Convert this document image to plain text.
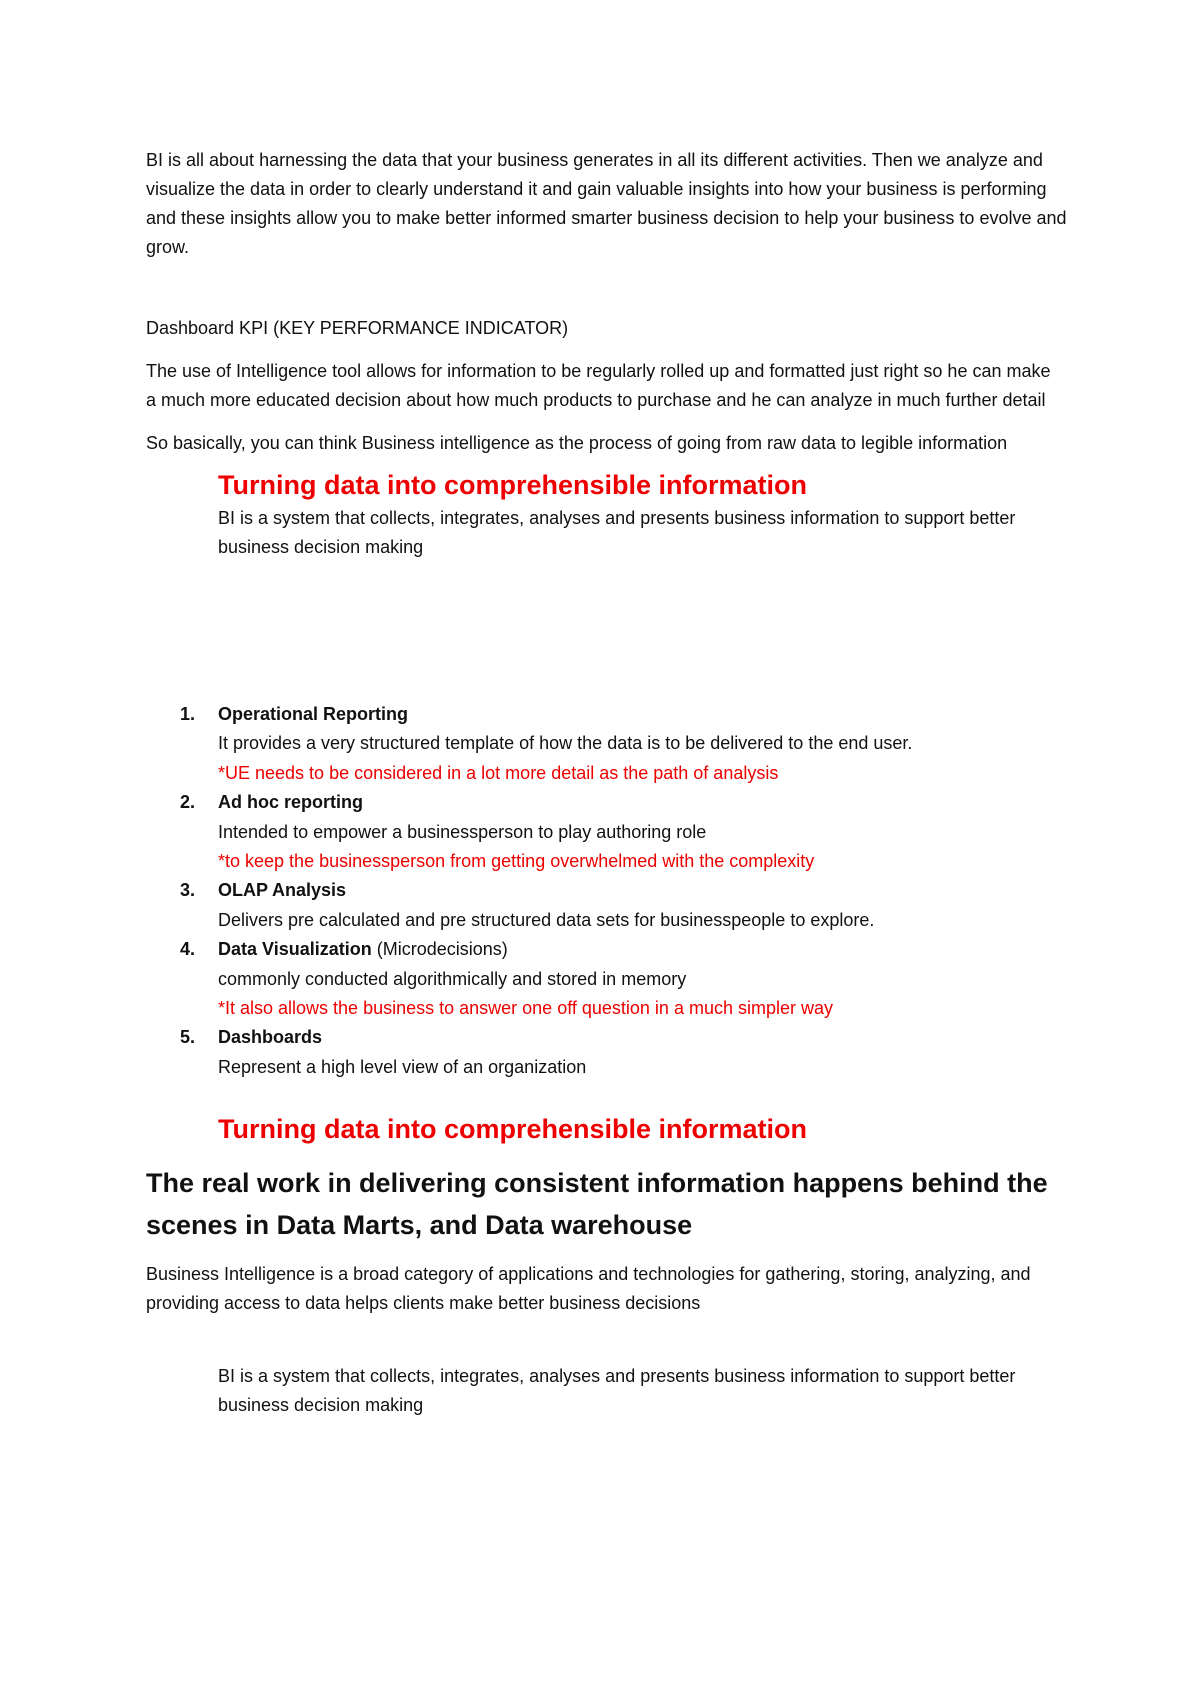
BI is all about harnessing the data that your business generates in all its different activities. Then we analyze and visualize the data in order to clearly understand it and gain valuable insights into how your business is performing and these insights allow you to make better informed smarter business decision to help your business to evolve and grow.

Dashboard KPI (KEY PERFORMANCE INDICATOR)

The use of Intelligence tool allows for information to be regularly rolled up and formatted just right so he can make a much more educated decision about how much products to purchase and he can analyze in much further detail

So basically, you can think Business intelligence as the process of going from raw data to legible information

Turning data into comprehensible information

BI is a system that collects, integrates, analyses and presents business information to support better business decision making

1. Operational Reporting
It provides a very structured template of how the data is to be delivered to the end user.
*UE needs to be considered in a lot more detail as the path of analysis
2. Ad hoc reporting
Intended to empower a businessperson to play authoring role
*to keep the businessperson from getting overwhelmed with the complexity
3. OLAP Analysis
Delivers pre calculated and pre structured data sets for businesspeople to explore.
4. Data Visualization (Microdecisions)
commonly conducted algorithmically and stored in memory
*It also allows the business to answer one off question in a much simpler way
5. Dashboards
Represent a high level view of an organization
Turning data into comprehensible information
The real work in delivering consistent information happens behind the scenes in Data Marts, and Data warehouse

Business Intelligence is a broad category of applications and technologies for gathering, storing, analyzing, and providing access to data helps clients make better business decisions

BI is a system that collects, integrates, analyses and presents business information to support better business decision making
